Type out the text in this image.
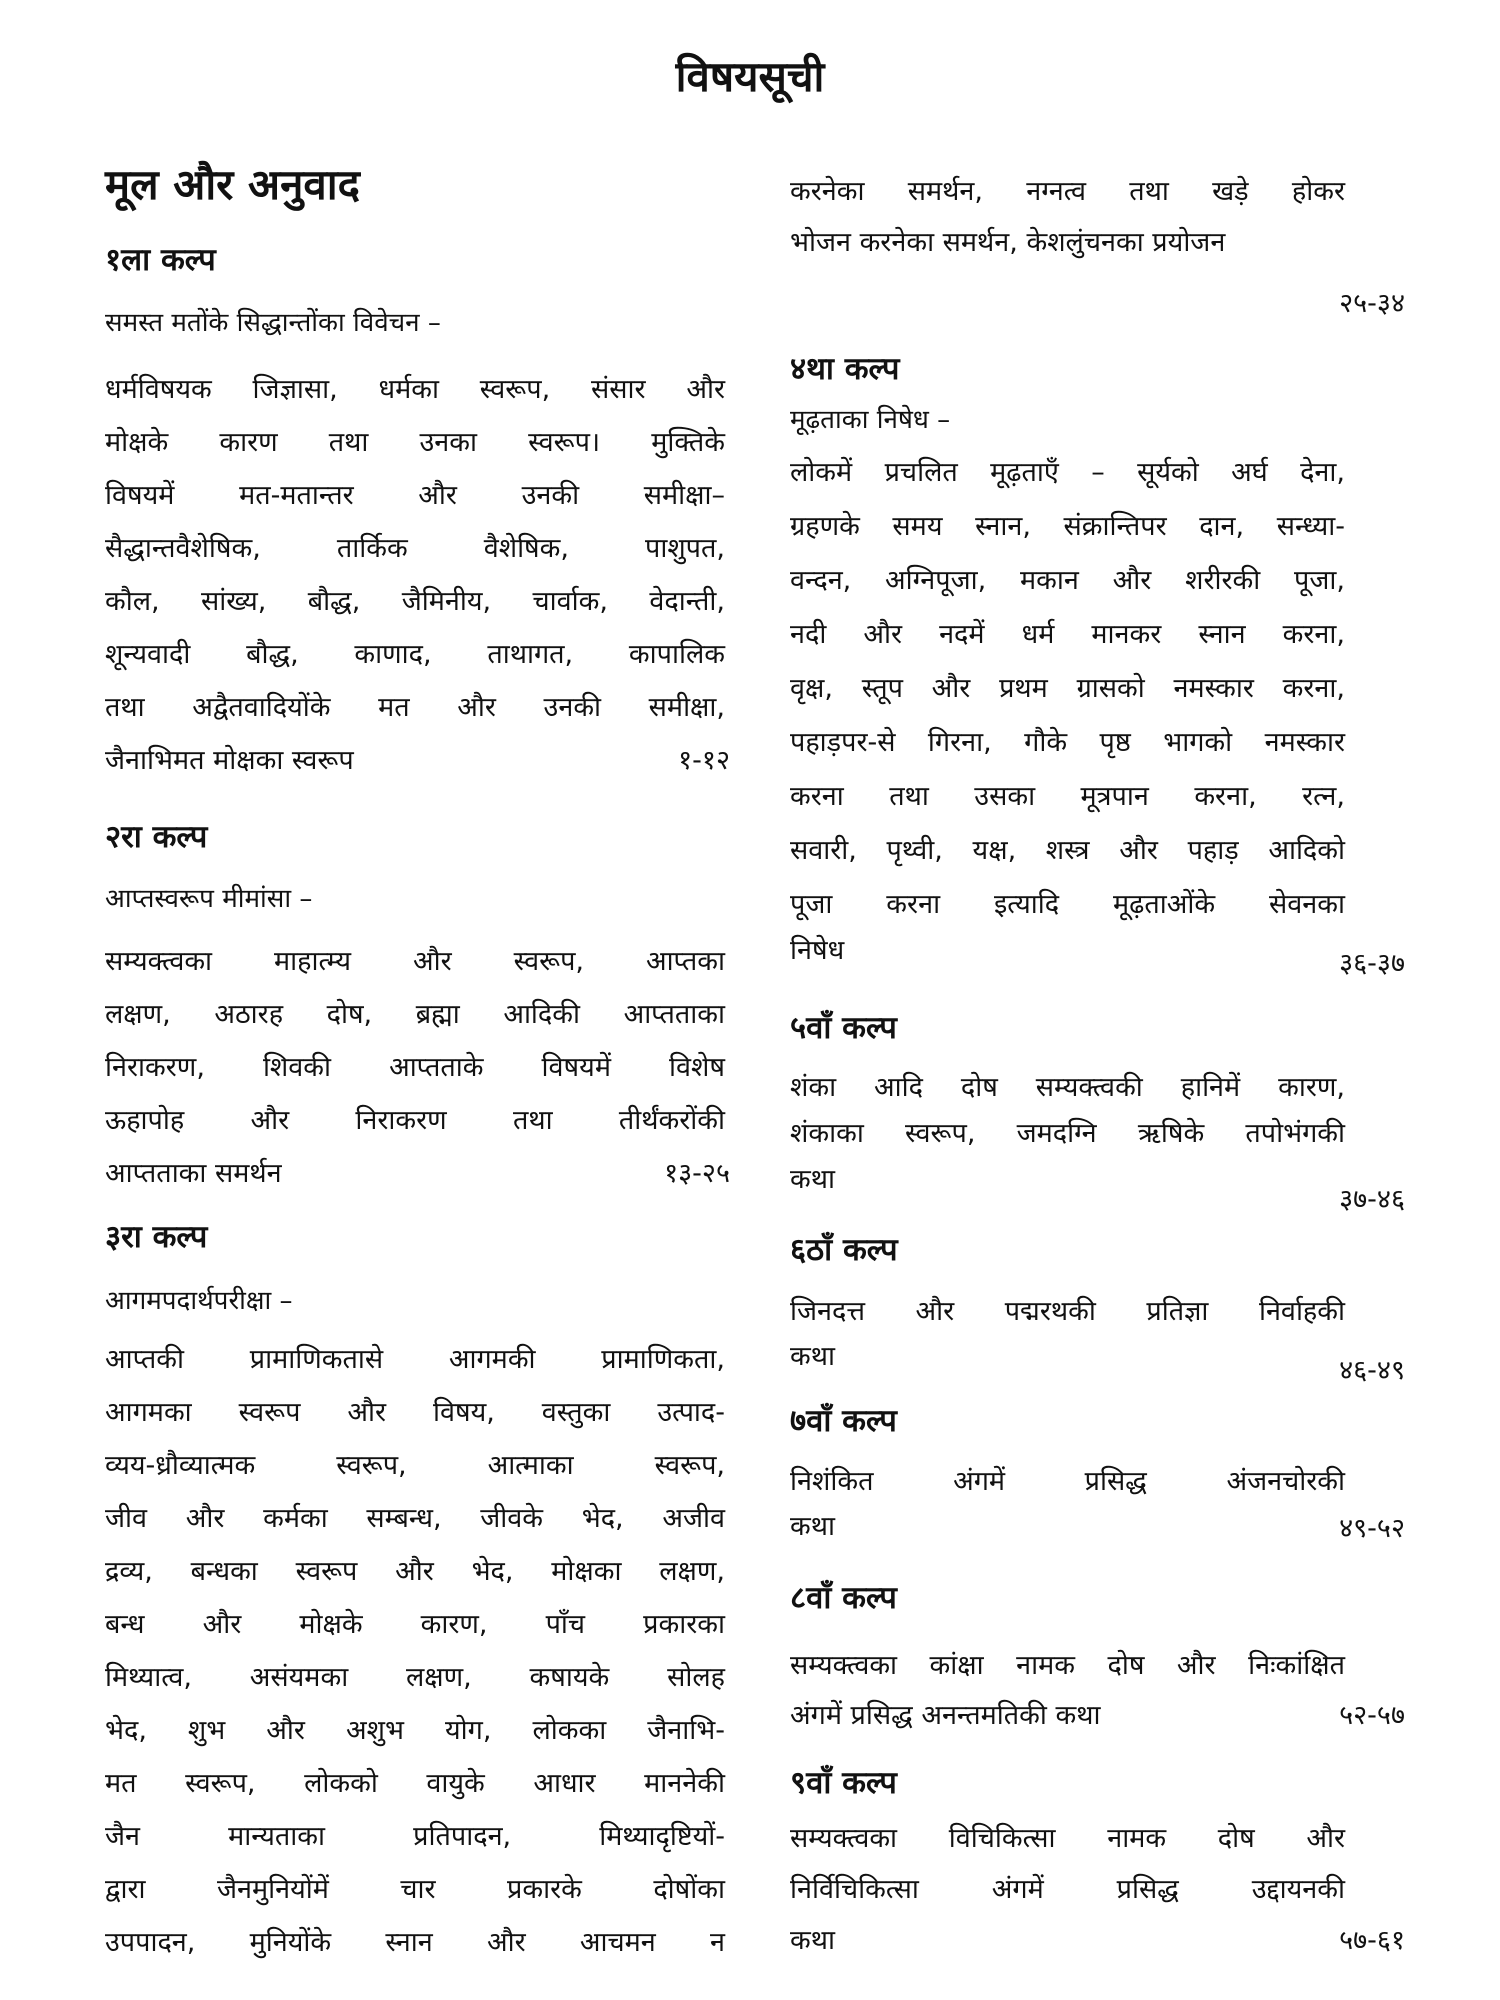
विषयसूची
मूल और अनुवाद
१ला कल्प
समस्त मतोंके सिद्धान्तोंका विवेचन –
धर्मविषयक जिज्ञासा, धर्मका स्वरूप, संसार और
मोक्षके कारण तथा उनका स्वरूप। मुक्तिके
विषयमें मत-मतान्तर और उनकी समीक्षा–
सैद्धान्तवैशेषिक, तार्किक वैशेषिक, पाशुपत,
कौल, सांख्य, बौद्ध, जैमिनीय, चार्वाक, वेदान्ती,
शून्यवादी बौद्ध, काणाद, ताथागत, कापालिक
तथा अद्वैतवादियोंके मत और उनकी समीक्षा,
जैनाभिमत मोक्षका स्वरूप	१-१२
२रा कल्प
आप्तस्वरूप मीमांसा –
सम्यक्त्वका माहात्म्य और स्वरूप, आप्तका
लक्षण, अठारह दोष, ब्रह्मा आदिकी आप्तताका
निराकरण, शिवकी आप्तताके विषयमें विशेष
ऊहापोह और निराकरण तथा तीर्थंकरोंकी
आप्तताका समर्थन	१३-२५
३रा कल्प
आगमपदार्थपरीक्षा –
आप्तकी प्रामाणिकतासे आगमकी प्रामाणिकता,
आगमका स्वरूप और विषय, वस्तुका उत्पाद-
व्यय-ध्रौव्यात्मक स्वरूप, आत्माका स्वरूप,
जीव और कर्मका सम्बन्ध, जीवके भेद, अजीव
द्रव्य, बन्धका स्वरूप और भेद, मोक्षका लक्षण,
बन्ध और मोक्षके कारण, पाँच प्रकारका
मिथ्यात्व, असंयमका लक्षण, कषायके सोलह
भेद, शुभ और अशुभ योग, लोकका जैनाभि-
मत स्वरूप, लोकको वायुके आधार माननेकी
जैन मान्यताका प्रतिपादन, मिथ्यादृष्टियों-
द्वारा जैनमुनियोंमें चार प्रकारके दोषोंका
उपपादन, मुनियोंके स्नान और आचमन न
करनेका समर्थन, नग्नत्व तथा खड़े होकर
भोजन करनेका समर्थन, केशलुंचनका प्रयोजन
२५-३४
४था कल्प
मूढ़ताका निषेध –
लोकमें प्रचलित मूढ़ताएँ – सूर्यको अर्घ देना,
ग्रहणके समय स्नान, संक्रान्तिपर दान, सन्ध्या-
वन्दन, अग्निपूजा, मकान और शरीरकी पूजा,
नदी और नदमें धर्म मानकर स्नान करना,
वृक्ष, स्तूप और प्रथम ग्रासको नमस्कार करना,
पहाड़पर-से गिरना, गौके पृष्ठ भागको नमस्कार
करना तथा उसका मूत्रपान करना, रत्न,
सवारी, पृथ्वी, यक्ष, शस्त्र और पहाड़ आदिको
पूजा करना इत्यादि मूढ़ताओंके सेवनका
निषेध	३६-३७
५वाँ कल्प
शंका आदि दोष सम्यक्त्वकी हानिमें कारण,
शंकाका स्वरूप, जमदग्नि ऋषिके तपोभंगकी
कथा
३७-४६
६ठाँ कल्प
जिनदत्त और पद्मरथकी प्रतिज्ञा निर्वाहकी
कथा	४६-४९
७वाँ कल्प
निशंकित अंगमें प्रसिद्ध अंजनचोरकी
कथा	४९-५२
८वाँ कल्प
सम्यक्त्वका कांक्षा नामक दोष और निःकांक्षित
अंगमें प्रसिद्ध अनन्तमतिकी कथा	५२-५७
९वाँ कल्प
सम्यक्त्वका विचिकित्सा नामक दोष और
निर्विचिकित्सा अंगमें प्रसिद्ध उद्दायनकी
कथा	५७-६१
